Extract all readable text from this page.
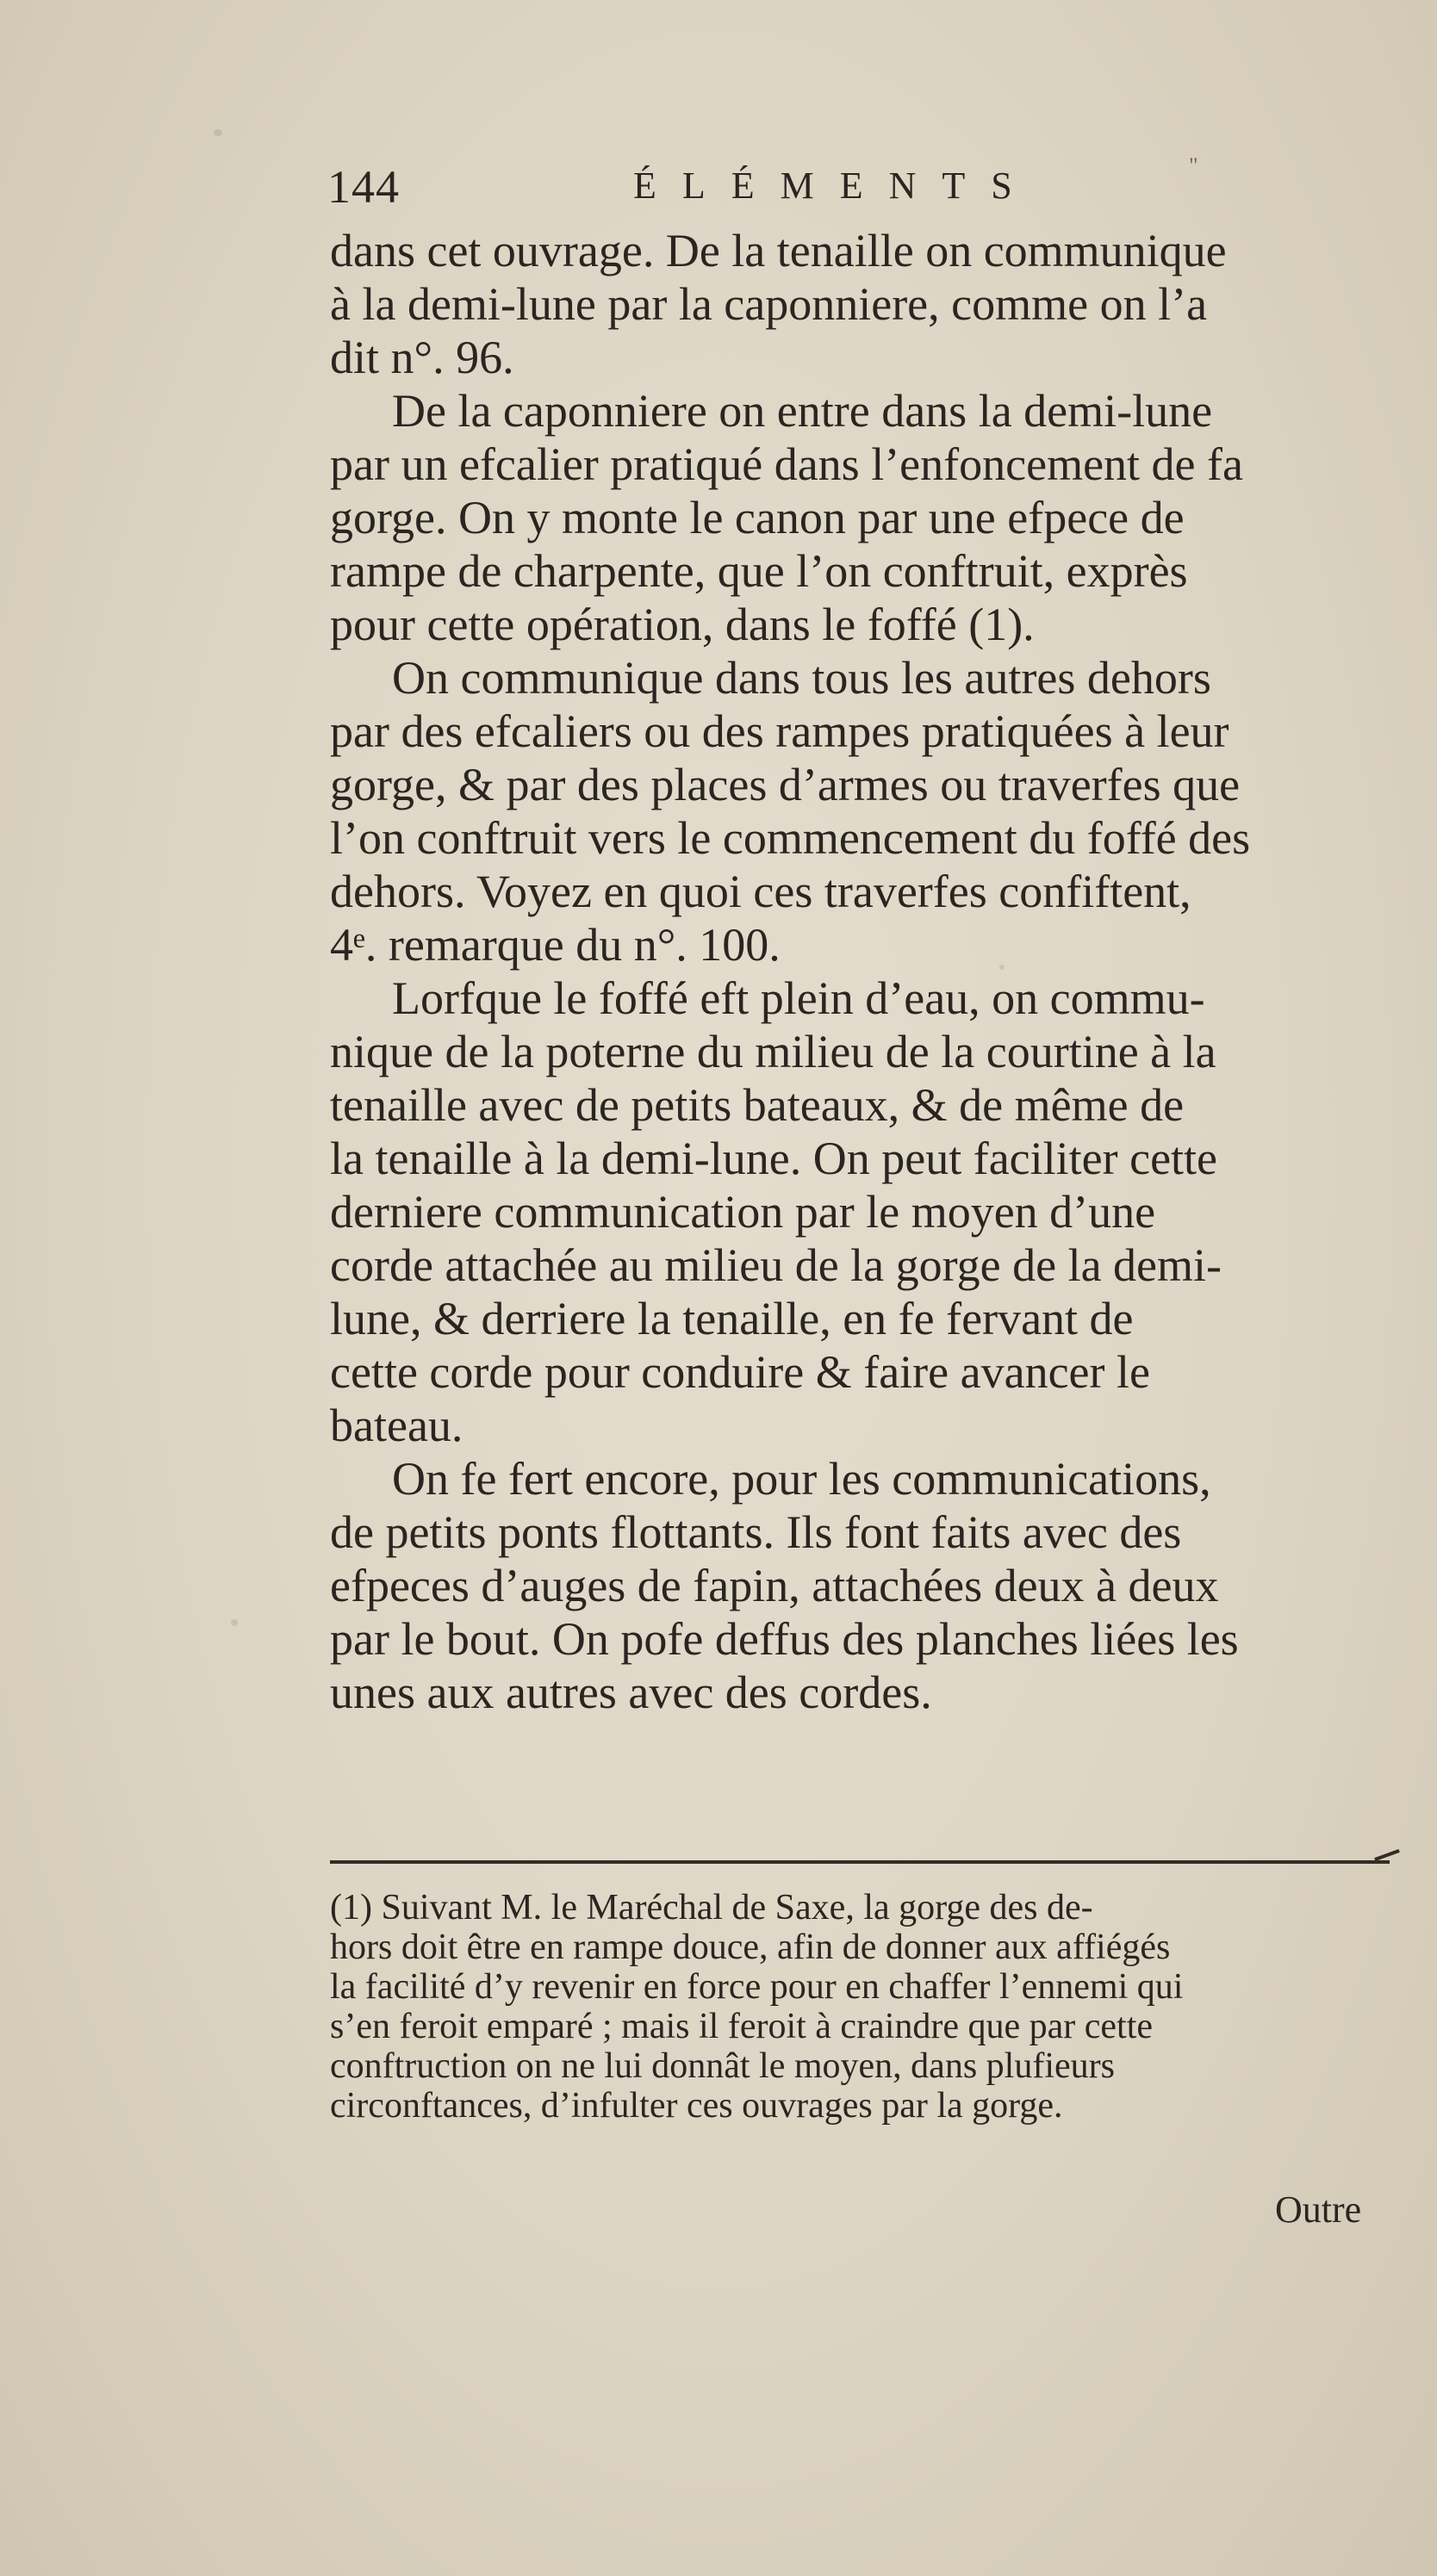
144	ÉLÉMENTS	"

dans cet ouvrage. De la tenaille on communique
à la demi-lune par la caponniere, comme on l’a
dit n°. 96.

De la caponniere on entre dans la demi-lune
par un efcalier pratiqué dans l’enfoncement de fa
gorge. On y monte le canon par une efpece de
rampe de charpente, que l’on conftruit, exprès
pour cette opération, dans le foffé (1).

On communique dans tous les autres dehors
par des efcaliers ou des rampes pratiquées à leur
gorge, & par des places d’armes ou traverfes que
l’on conftruit vers le commencement du foffé des
dehors. Voyez en quoi ces traverfes confiftent,
4ᵉ. remarque du n°. 100.

Lorfque le foffé eft plein d’eau, on commu-
nique de la poterne du milieu de la courtine à la
tenaille avec de petits bateaux, & de même de
la tenaille à la demi-lune. On peut faciliter cette
derniere communication par le moyen d’une
corde attachée au milieu de la gorge de la demi-
lune, & derriere la tenaille, en fe fervant de
cette corde pour conduire & faire avancer le
bateau.

On fe fert encore, pour les communications,
de petits ponts flottants. Ils font faits avec des
efpeces d’auges de fapin, attachées deux à deux
par le bout. On pofe deffus des planches liées les
unes aux autres avec des cordes.

(1) Suivant M. le Maréchal de Saxe, la gorge des de-
hors doit être en rampe douce, afin de donner aux affiégés
la facilité d’y revenir en force pour en chaffer l’ennemi qui
s’en feroit emparé ; mais il feroit à craindre que par cette
conftruction on ne lui donnât le moyen, dans plufieurs
circonftances, d’infulter ces ouvrages par la gorge.
Outre
